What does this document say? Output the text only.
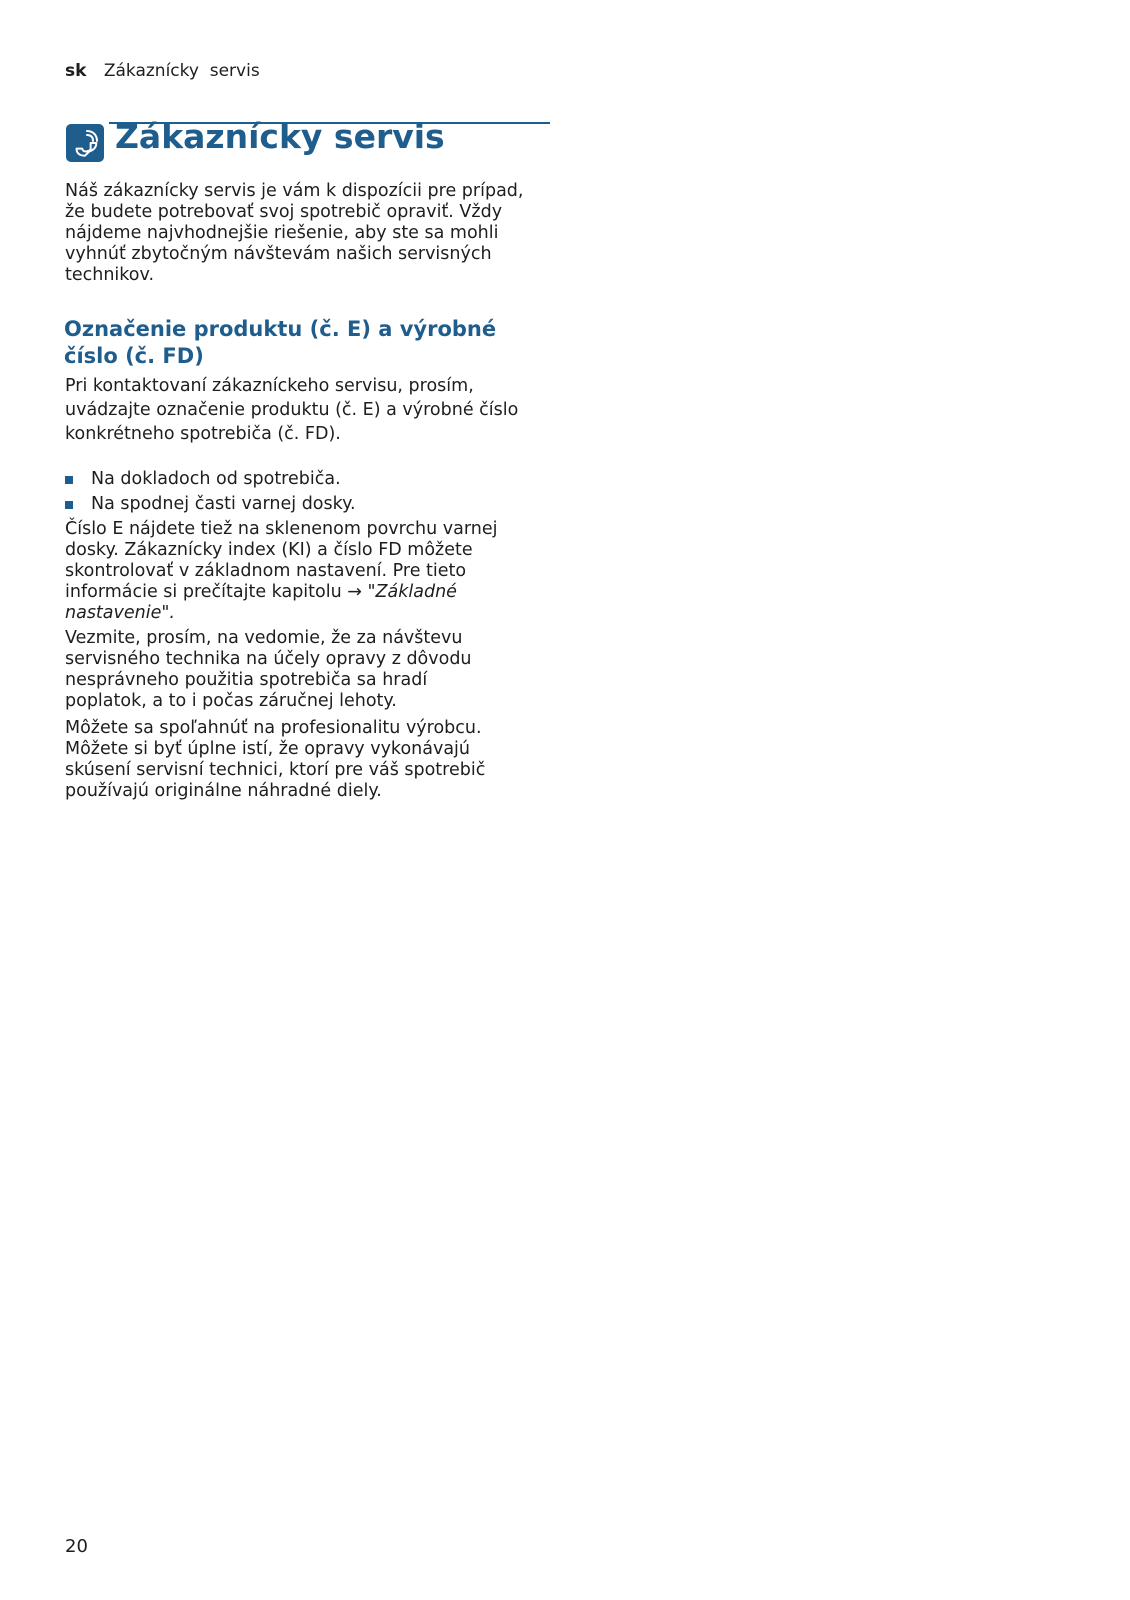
sk Zákaznícky  servis
Zákaznícky servis

Náš zákaznícky servis je vám k dispozícii pre prípad, že budete potrebovať svoj spotrebič opraviť. Vždy nájdeme najvhodnejšie riešenie, aby ste sa mohli vyhnúť zbytočným návštevám našich servisných technikov.

Označenie produktu (č. E) a výrobné číslo (č. FD)

Pri kontaktovaní zákazníckeho servisu, prosím, uvádzajte označenie produktu (č. E) a výrobné číslo konkrétneho spotrebiča (č. FD).

Na dokladoch od spotrebiča.
Na spodnej časti varnej dosky.

Číslo E nájdete tiež na sklenenom povrchu varnej dosky. Zákaznícky index (KI) a číslo FD môžete skontrolovať v základnom nastavení. Pre tieto informácie si prečítajte kapitolu → "Základné nastavenie".

Vezmite, prosím, na vedomie, že za návštevu servisného technika na účely opravy z dôvodu nesprávneho použitia spotrebiča sa hradí poplatok, a to i počas záručnej lehoty.

Môžete sa spoľahnúť na profesionalitu výrobcu. Môžete si byť úplne istí, že opravy vykonávajú skúsení servisní technici, ktorí pre váš spotrebič používajú originálne náhradné diely.

20
